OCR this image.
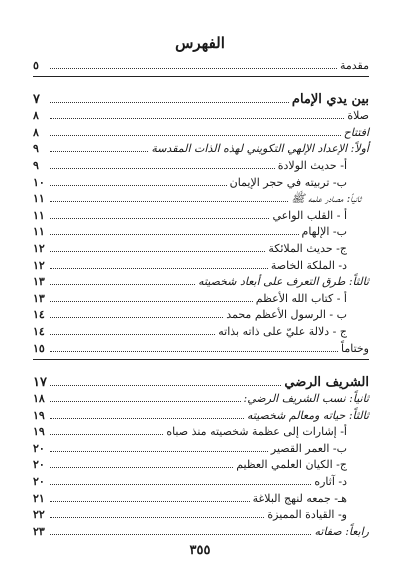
الفهرس
مقدمة
٥
بين يدي الإمام
٧
صلاة
٨
افتتاح
٨
أولاً: الإعداد الإلهي التكويني لهذه الذات المقدسة
٩
أ- حديث الولادة
٩
ب- تربيته في حجر الإيمان
١٠
ثانياً: مصادر علمه ﷺ
١١
أ - القلب الواعي
١١
ب- الإلهام
١١
ج- حديث الملائكة
١٢
د- الملكة الخاصة
١٢
ثالثاً: طرق التعرف على أبعاد شخصيته
١٣
أ - كتاب الله الأعظم
١٣
ب - الرسول الأعظم محمد
١٤
ج - دلالة عليّ على ذاته بذاته
١٤
وختاماً
١٥
الشريف الرضي
١٧
ثانياً: نسب الشريف الرضي:
١٨
ثالثاً: حياته ومعالم شخصيته
١٩
أ- إشارات إلى عظمة شخصيته منذ صباه
١٩
ب- العمر القصير
٢٠
ج- الكيان العلمي العظيم
٢٠
د- آثاره
٢٠
هـ- جمعه لنهج البلاغة
٢١
و- القيادة المميزة
٢٢
رابعاً: صفاته
٢٣
٣٥٥
